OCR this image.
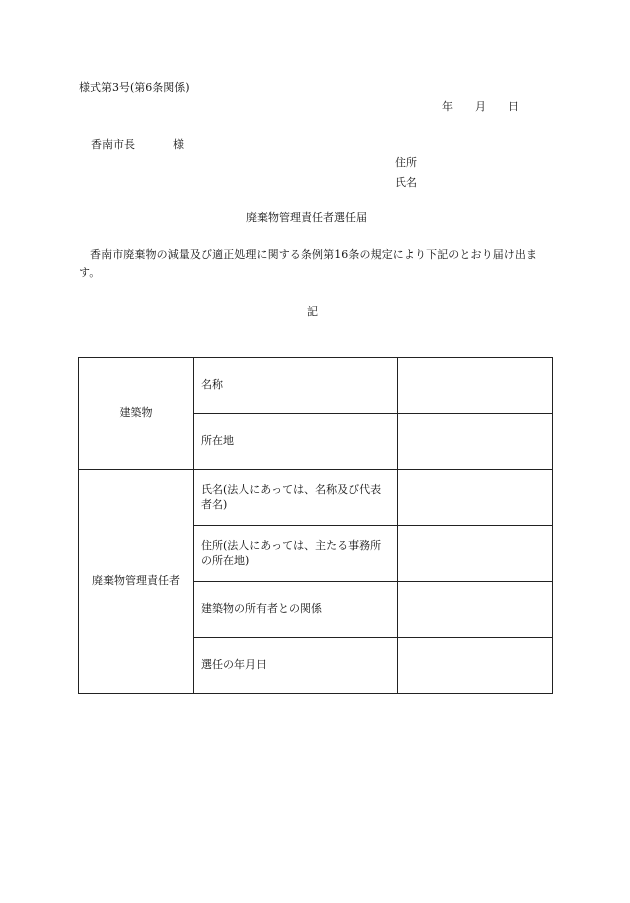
様式第3号(第6条関係)
年 月 日
香南市長	様
住所
氏名
廃棄物管理責任者選任届
香南市廃棄物の減量及び適正処理に関する条例第16条の規定により下記のとおり届け出ます。
記
建築物	名称	
	所在地	
廃棄物管理責任者	氏名(法人にあっては、名称及び代表者名)	
	住所(法人にあっては、主たる事務所の所在地)	
	建築物の所有者との関係	
	選任の年月日	
